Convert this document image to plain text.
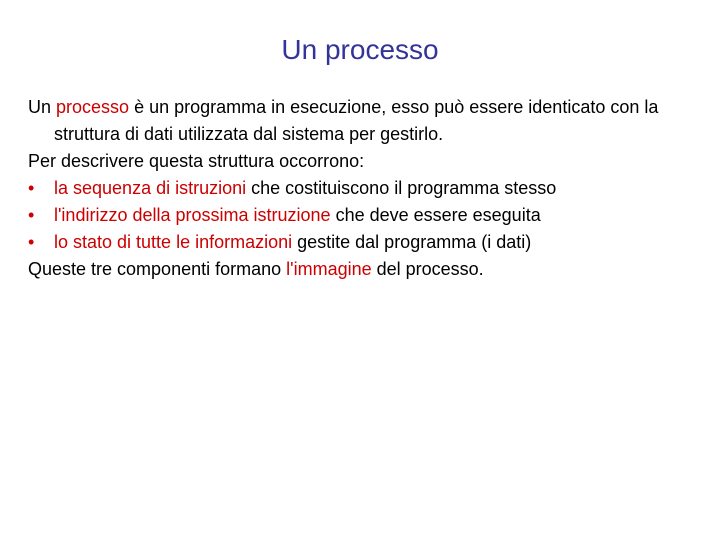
Un processo

Un processo è un programma in esecuzione, esso può essere identicato con la struttura di dati utilizzata dal sistema per gestirlo.

Per descrivere questa struttura occorrono:

•	la sequenza di istruzioni che costituiscono il programma stesso

•	l'indirizzo della prossima istruzione che deve essere eseguita

•	lo stato di tutte le informazioni gestite dal programma (i dati)

Queste tre componenti formano l'immagine del processo.
